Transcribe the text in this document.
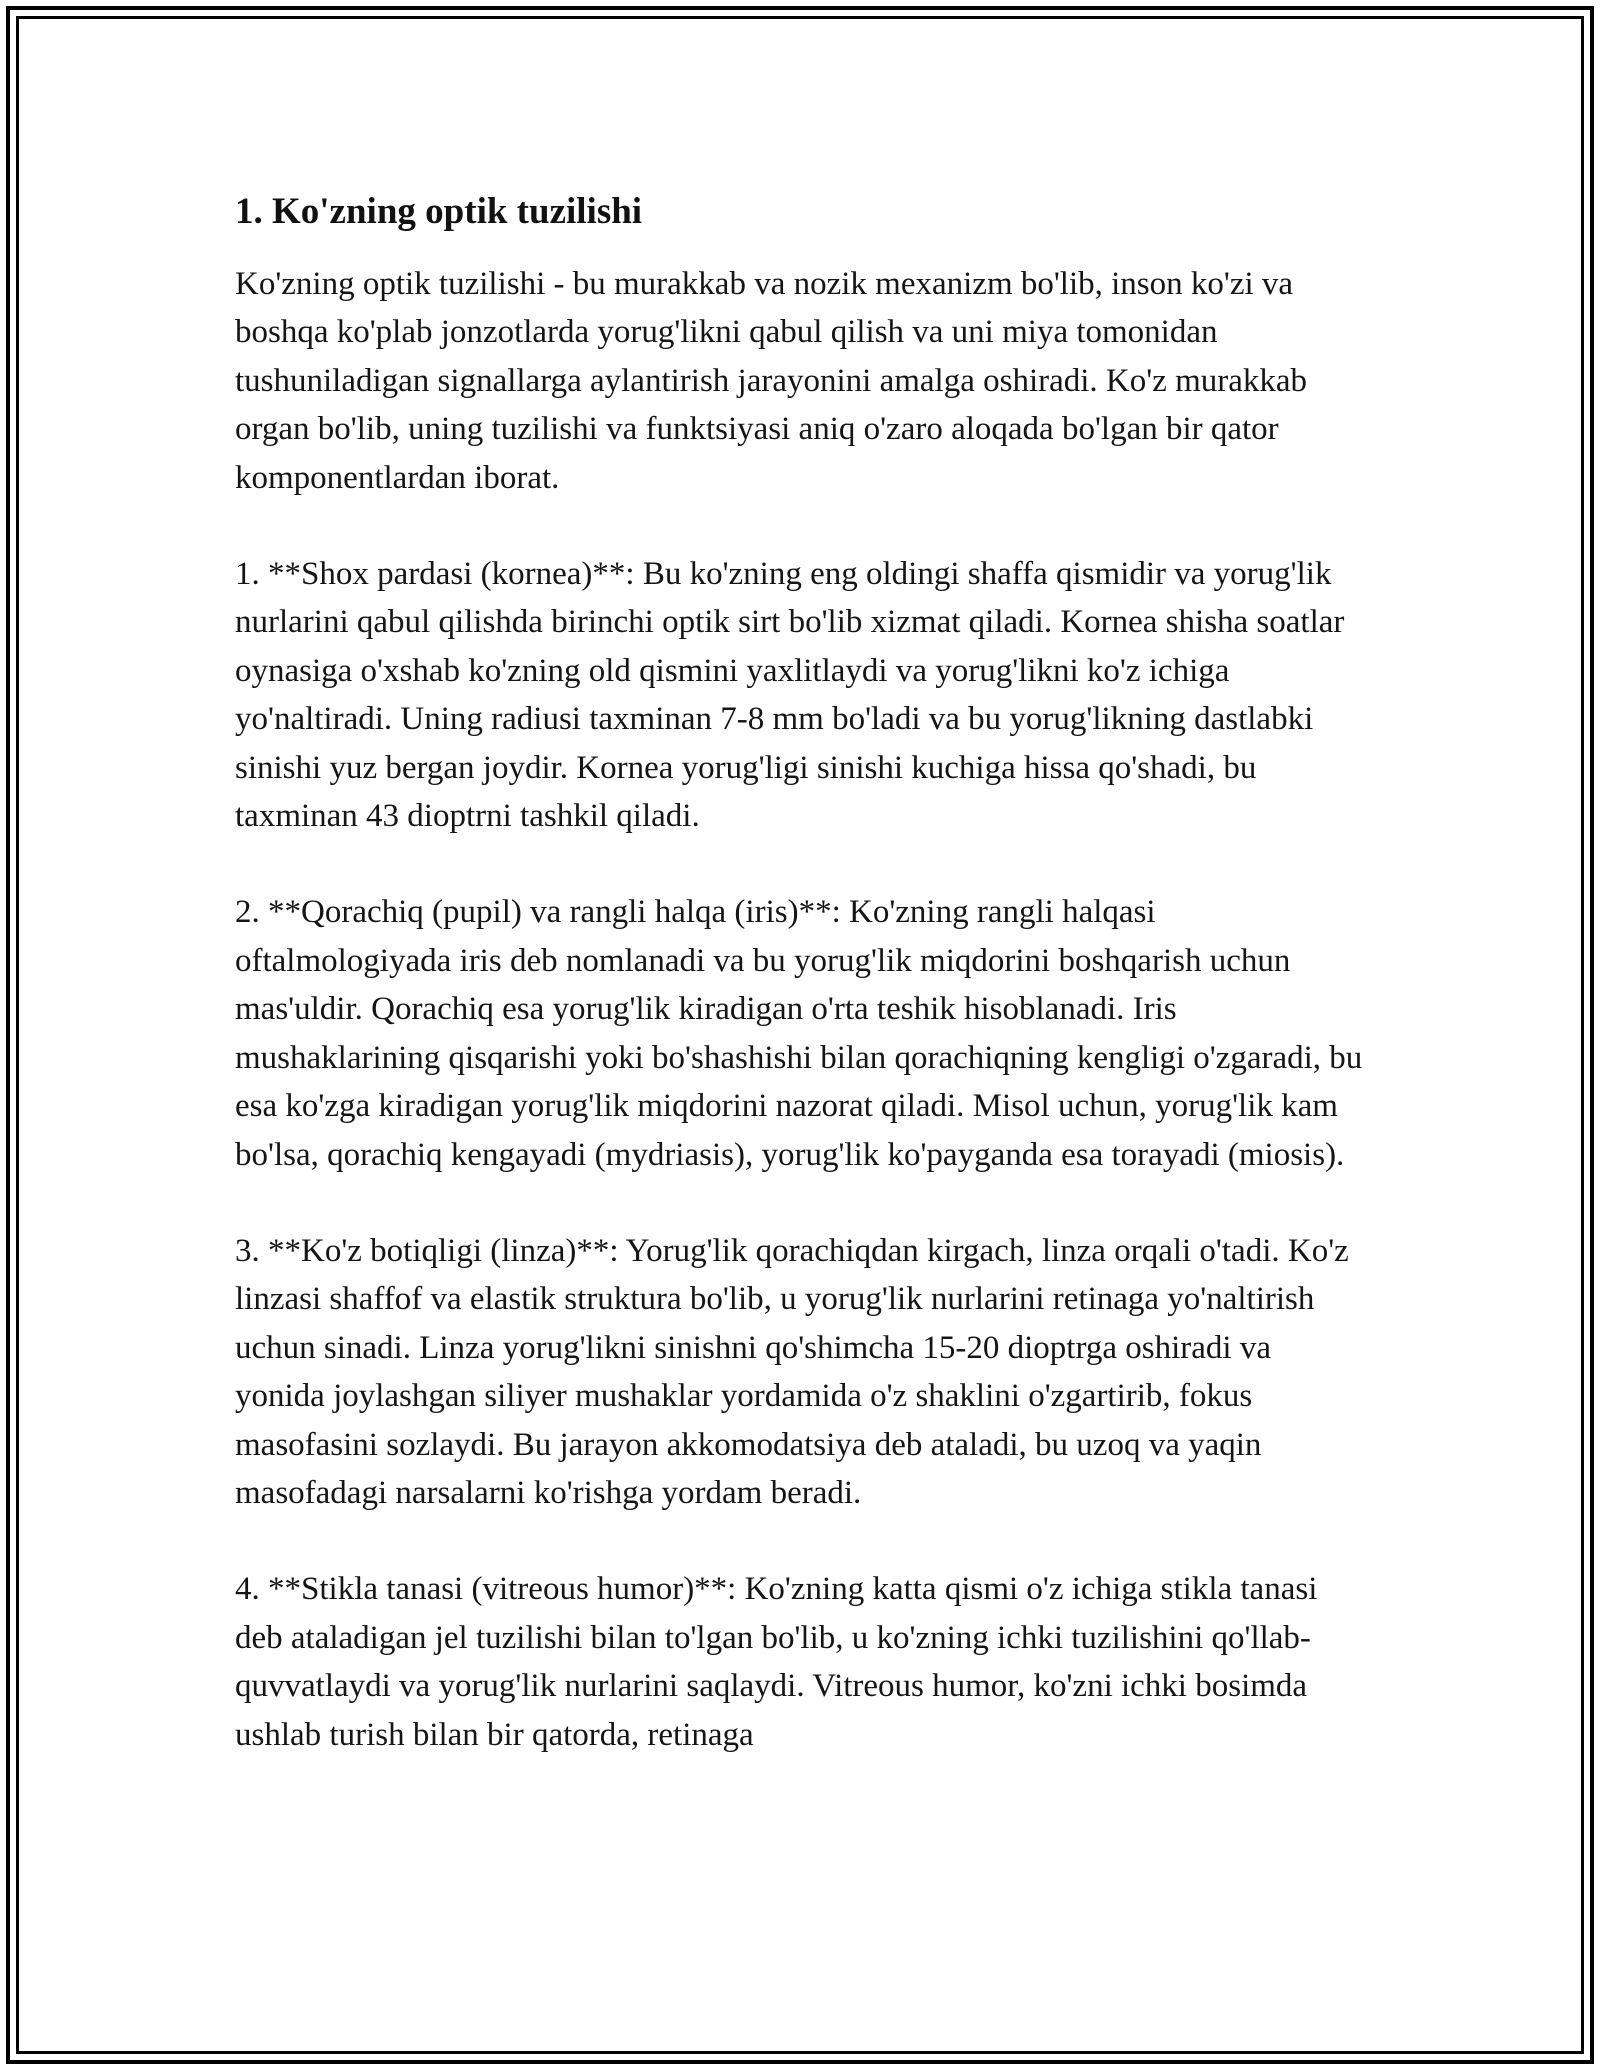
1. Ko'zning optik tuzilishi

Ko'zning optik tuzilishi - bu murakkab va nozik mexanizm bo'lib, inson ko'zi va boshqa ko'plab jonzotlarda yorug'likni qabul qilish va uni miya tomonidan tushuniladigan signallarga aylantirish jarayonini amalga oshiradi. Ko'z murakkab organ bo'lib, uning tuzilishi va funktsiyasi aniq o'zaro aloqada bo'lgan bir qator komponentlardan iborat.

1. **Shox pardasi (kornea)**: Bu ko'zning eng oldingi shaffa qismidir va yorug'lik nurlarini qabul qilishda birinchi optik sirt bo'lib xizmat qiladi. Kornea shisha soatlar oynasiga o'xshab ko'zning old qismini yaxlitlaydi va yorug'likni ko'z ichiga yo'naltiradi. Uning radiusi taxminan 7-8 mm bo'ladi va bu yorug'likning dastlabki sinishi yuz bergan joydir. Kornea yorug'ligi sinishi kuchiga hissa qo'shadi, bu taxminan 43 dioptrni tashkil qiladi.

2. **Qorachiq (pupil) va rangli halqa (iris)**: Ko'zning rangli halqasi oftalmologiyada iris deb nomlanadi va bu yorug'lik miqdorini boshqarish uchun mas'uldir. Qorachiq esa yorug'lik kiradigan o'rta teshik hisoblanadi. Iris mushaklarining qisqarishi yoki bo'shashishi bilan qorachiqning kengligi o'zgaradi, bu esa ko'zga kiradigan yorug'lik miqdorini nazorat qiladi. Misol uchun, yorug'lik kam bo'lsa, qorachiq kengayadi (mydriasis), yorug'lik ko'payganda esa torayadi (miosis).

3. **Ko'z botiqligi (linza)**: Yorug'lik qorachiqdan kirgach, linza orqali o'tadi. Ko'z linzasi shaffof va elastik struktura bo'lib, u yorug'lik nurlarini retinaga yo'naltirish uchun sinadi. Linza yorug'likni sinishni qo'shimcha 15-20 dioptrga oshiradi va yonida joylashgan siliyer mushaklar yordamida o'z shaklini o'zgartirib, fokus masofasini sozlaydi. Bu jarayon akkomodatsiya deb ataladi, bu uzoq va yaqin masofadagi narsalarni ko'rishga yordam beradi.

4. **Stikla tanasi (vitreous humor)**: Ko'zning katta qismi o'z ichiga stikla tanasi deb ataladigan jel tuzilishi bilan to'lgan bo'lib, u ko'zning ichki tuzilishini qo'llab-quvvatlaydi va yorug'lik nurlarini saqlaydi. Vitreous humor, ko'zni ichki bosimda ushlab turish bilan bir qatorda, retinaga
